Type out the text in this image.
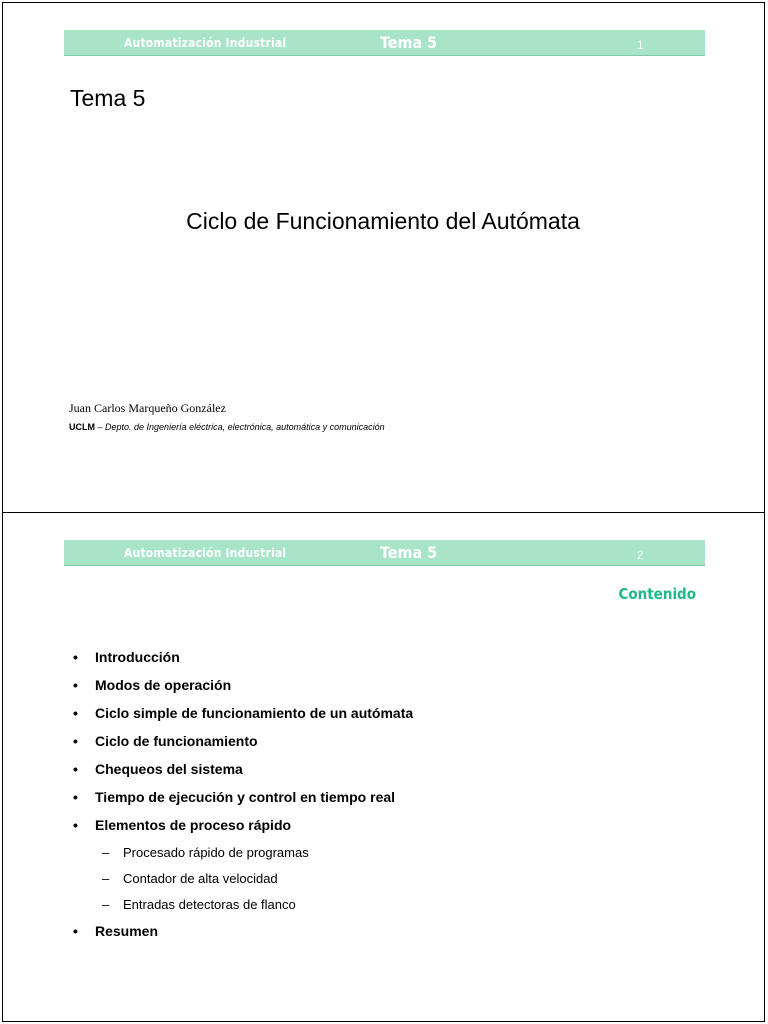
Automatización Industrial	Tema 5	1
Tema 5
Ciclo de Funcionamiento del Autómata
Juan Carlos Marqueño González
UCLM – Depto. de Ingeniería eléctrica, electrónica, automática y comunicación
Automatización Industrial	Tema 5	2
Contenido
• Introducción
• Modos de operación
• Ciclo simple de funcionamiento de un autómata
• Ciclo de funcionamiento
• Chequeos del sistema
• Tiempo de ejecución y control en tiempo real
• Elementos de proceso rápido
– Procesado rápido de programas
– Contador de alta velocidad
– Entradas detectoras de flanco
• Resumen
